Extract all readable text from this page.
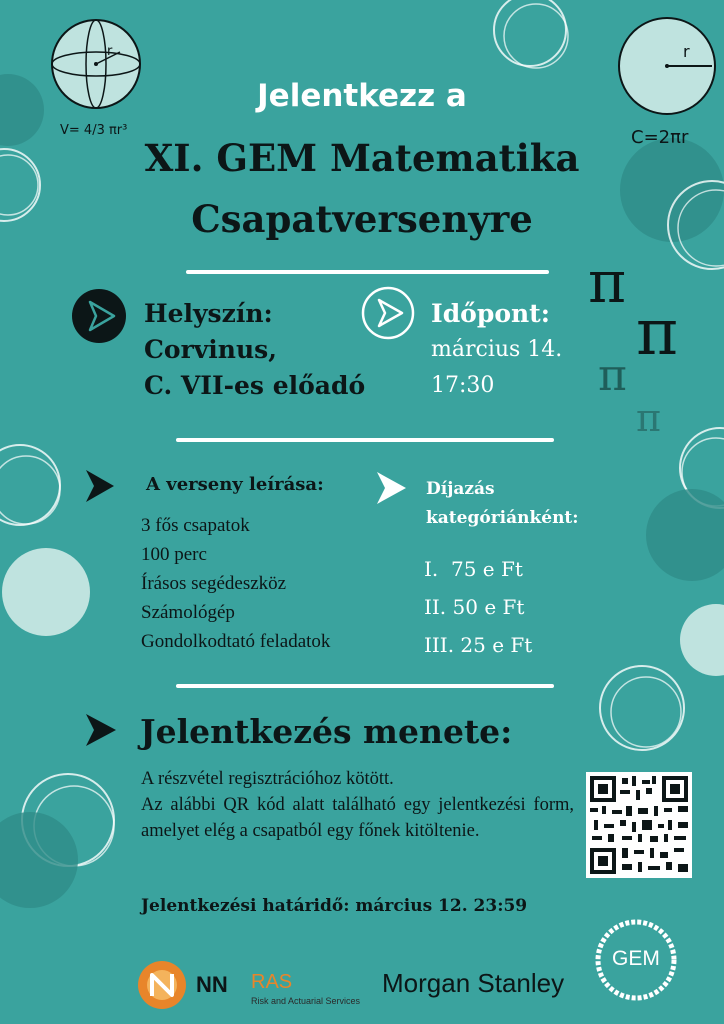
V= 4/3 πr³
r	r
C=2πr
π
π
π
π
Jelentkezz a
XI. GEM Matematika
Csapatversenyre
Helyszín:
Corvinus,
C. VII-es előadó
Időpont:
március 14.
17:30
A verseny leírása:
3 fős csapatok
100 perc
Írásos segédeszköz
Számológép
Gondolkodtató feladatok
Díjazás
kategóriánként:
I.  75 e Ft
II. 50 e Ft
III. 25 e Ft
Jelentkezés menete:
A részvétel regisztrációhoz kötött.
Az alábbi QR kód alatt található egy jelentkezési form, amelyet elég a csapatból egy főnek kitöltenie.
Jelentkezési határidő: március 12. 23:59
NN RAS
Risk and Actuarial Services
Morgan Stanley
GEM
